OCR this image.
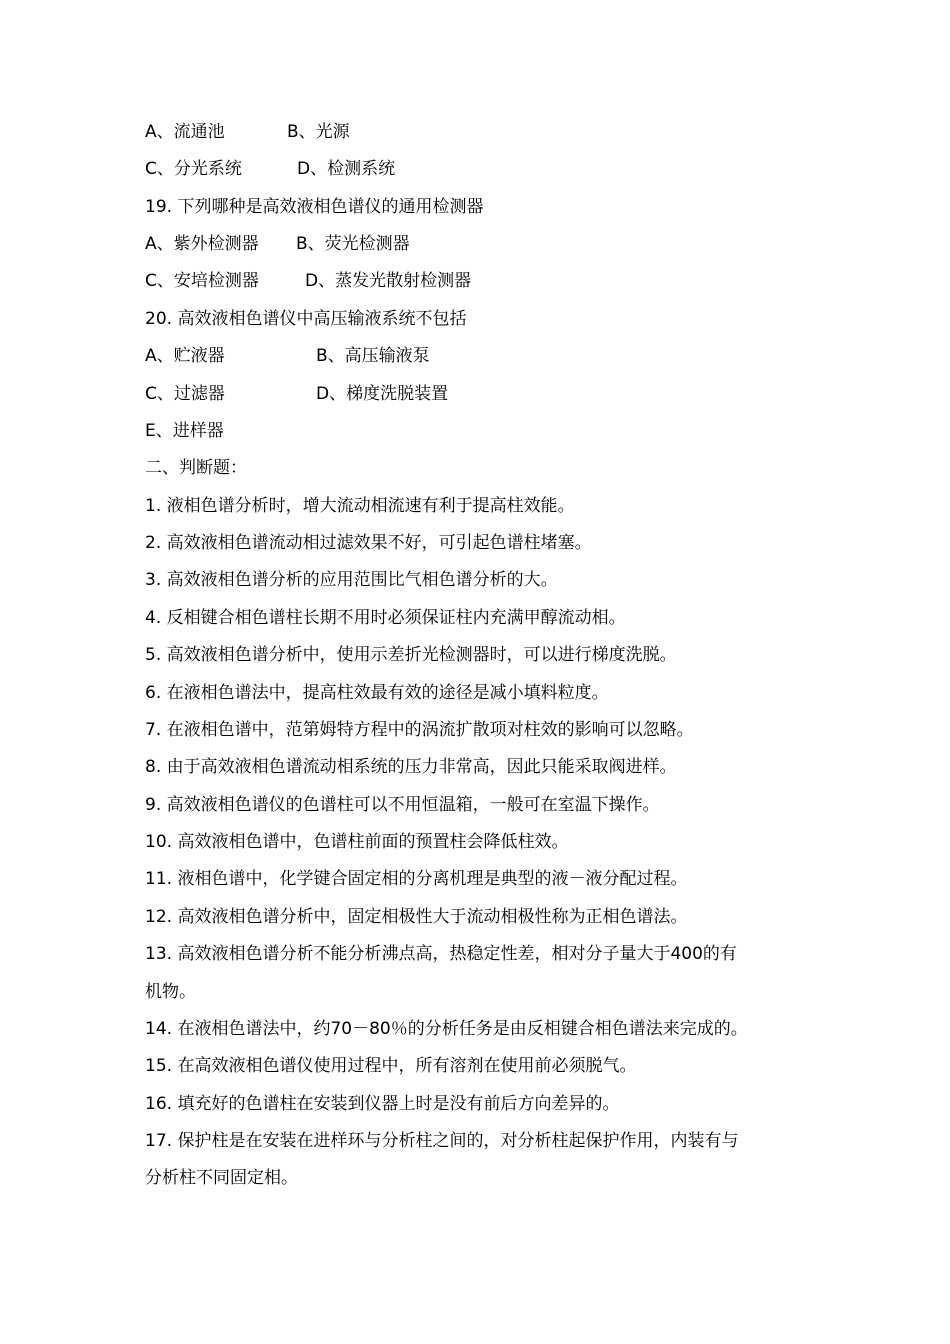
A、流通池	B、光源
C、分光系统	D、检测系统
19. 下列哪种是高效液相色谱仪的通用检测器
A、紫外检测器 B、荧光检测器
C、安培检测器	D、蒸发光散射检测器
20. 高效液相色谱仪中高压输液系统不包括
A、贮液器	B、高压输液泵
C、过滤器	D、梯度洗脱装置
E、进样器
二、判断题：
1. 液相色谱分析时，增大流动相流速有利于提高柱效能。
2. 高效液相色谱流动相过滤效果不好，可引起色谱柱堵塞。
3. 高效液相色谱分析的应用范围比气相色谱分析的大。
4. 反相键合相色谱柱长期不用时必须保证柱内充满甲醇流动相。
5. 高效液相色谱分析中，使用示差折光检测器时，可以进行梯度洗脱。
6. 在液相色谱法中，提高柱效最有效的途径是减小填料粒度。
7. 在液相色谱中，范第姆特方程中的涡流扩散项对柱效的影响可以忽略。
8. 由于高效液相色谱流动相系统的压力非常高，因此只能采取阀进样。
9. 高效液相色谱仪的色谱柱可以不用恒温箱，一般可在室温下操作。
10. 高效液相色谱中，色谱柱前面的预置柱会降低柱效。
11. 液相色谱中，化学键合固定相的分离机理是典型的液－液分配过程。
12. 高效液相色谱分析中，固定相极性大于流动相极性称为正相色谱法。
13. 高效液相色谱分析不能分析沸点高，热稳定性差，相对分子量大于400的有
机物。
14. 在液相色谱法中，约70－80％的分析任务是由反相键合相色谱法来完成的。
15. 在高效液相色谱仪使用过程中，所有溶剂在使用前必须脱气。
16. 填充好的色谱柱在安装到仪器上时是没有前后方向差异的。
17. 保护柱是在安装在进样环与分析柱之间的，对分析柱起保护作用，内装有与
分析柱不同固定相。
